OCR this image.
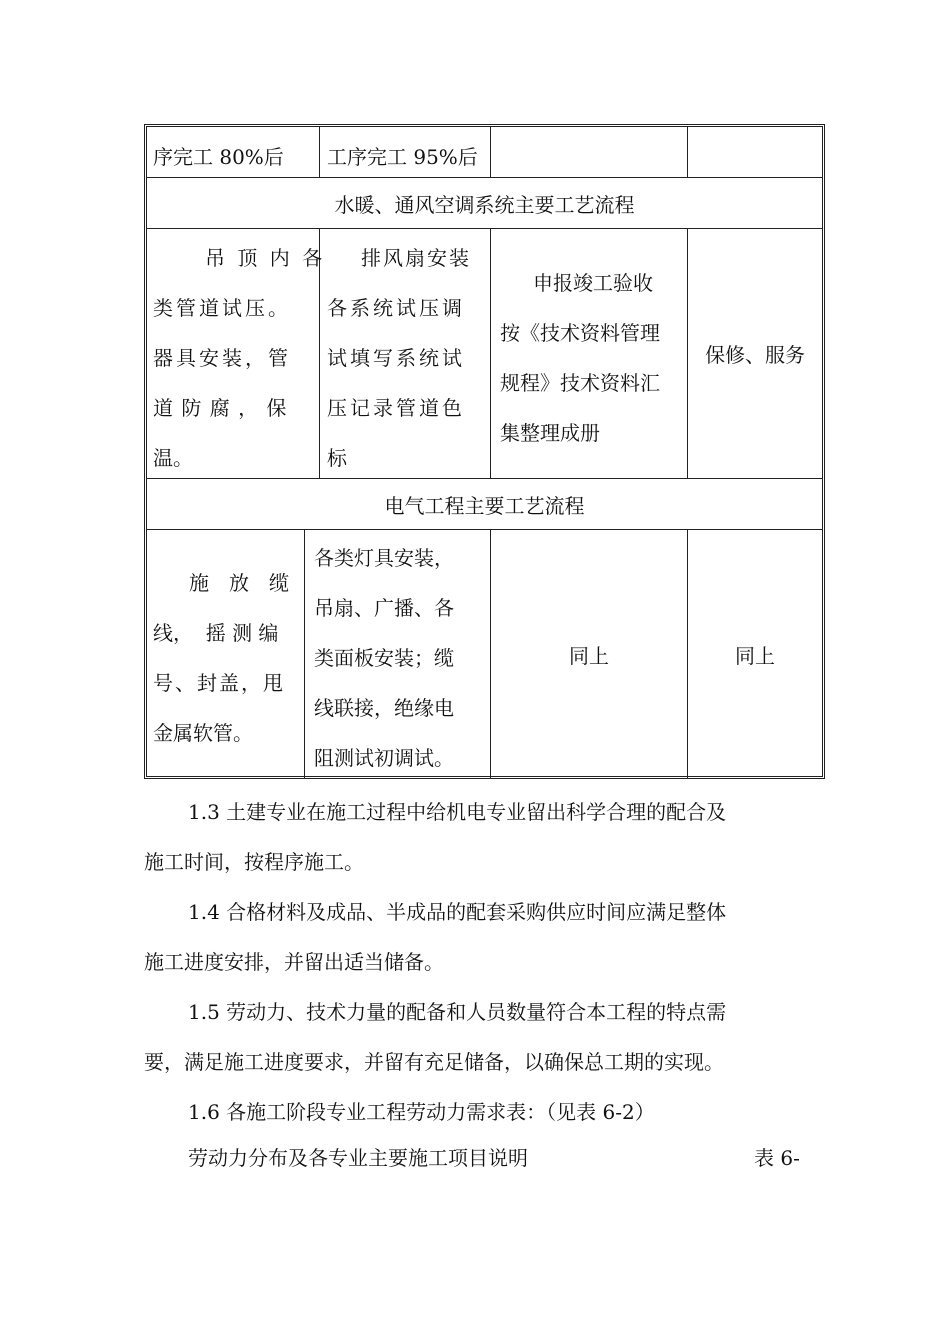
序完工 80%后 工序完工 95%后
水暖、通风空调系统主要工艺流程
吊 顶 内 各
类管道试压。
器具安装，管
道 防 腐 ， 保
温。
排风扇安装
各系统试压调
试填写系统试
压记录管道色
标
申报竣工验收
按《技术资料管理
规程》技术资料汇
集整理成册
保修、服务
电气工程主要工艺流程
施　放　缆
线，  摇 测 编
号、封盖，甩
金属软管。
各类灯具安装，
吊扇、广播、各
类面板安装；缆
线联接，绝缘电
阻测试初调试。
同上	同上
1.3 土建专业在施工过程中给机电专业留出科学合理的配合及
施工时间，按程序施工。
1.4 合格材料及成品、半成品的配套采购供应时间应满足整体
施工进度安排，并留出适当储备。
1.5 劳动力、技术力量的配备和人员数量符合本工程的特点需
要，满足施工进度要求，并留有充足储备，以确保总工期的实现。
1.6 各施工阶段专业工程劳动力需求表：（见表 6-2）
劳动力分布及各专业主要施工项目说明	表 6-
